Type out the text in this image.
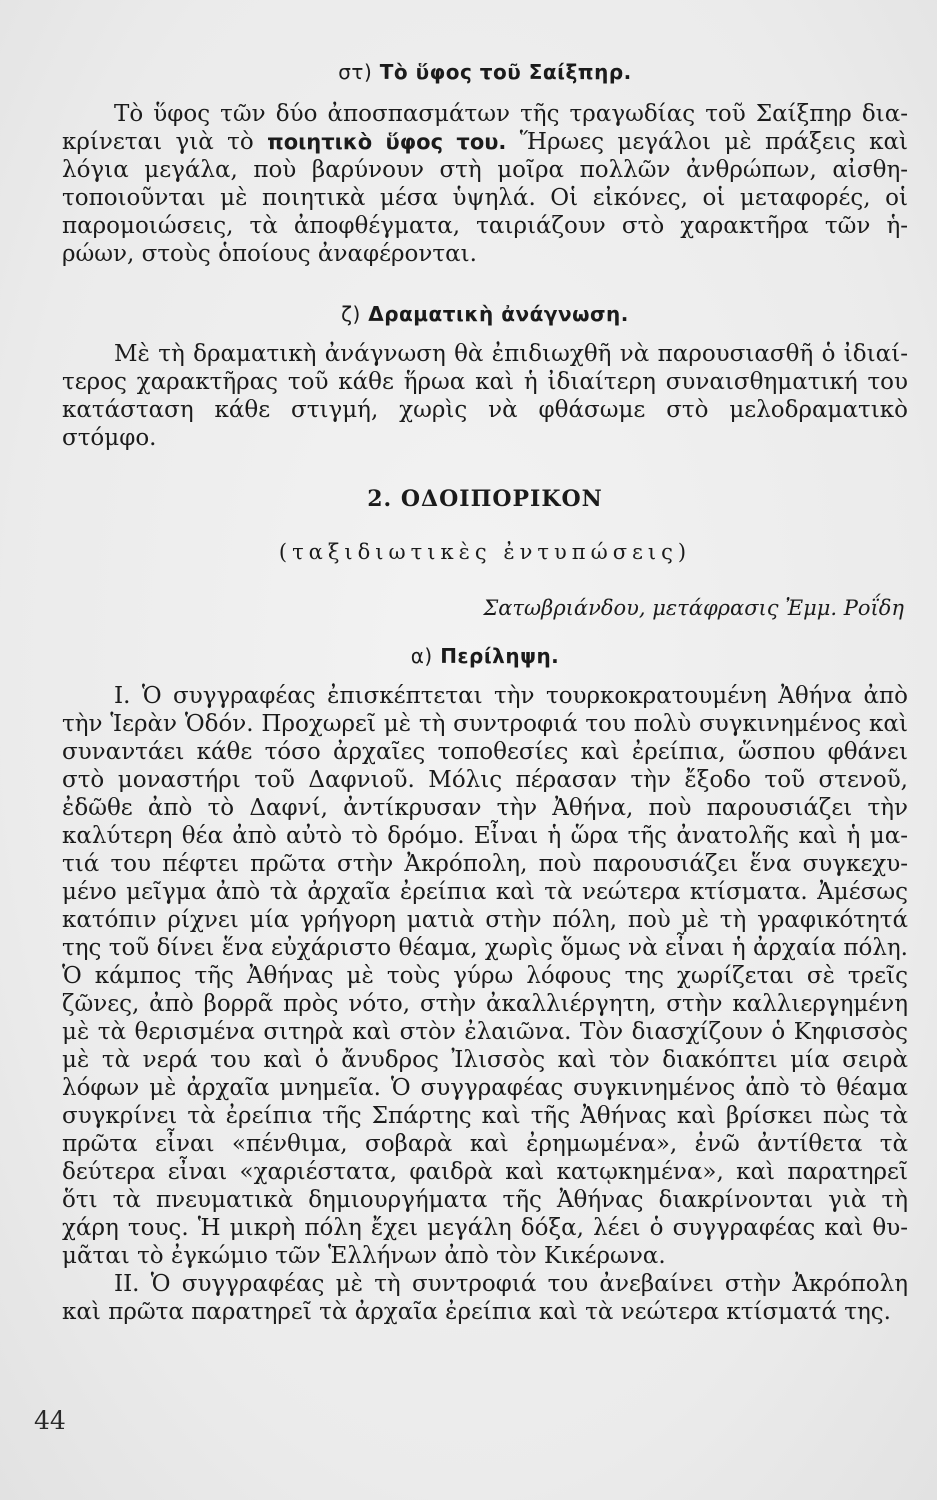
στ) Τὸ ὕφος τοῦ Σαίξπηρ.

Τὸ ὕφος τῶν δύο ἀποσπασμάτων τῆς τραγωδίας τοῦ Σαίξπηρ δια-κρίνεται γιὰ τὸ ποιητικὸ ὕφος του. Ἥρωες μεγάλοι μὲ πράξεις καὶ λόγια μεγάλα, ποὺ βαρύνουν στὴ μοῖρα πολλῶν ἀνθρώπων, αἰσθη-τοποιοῦνται μὲ ποιητικὰ μέσα ὑψηλά. Οἱ εἰκόνες, οἱ μεταφορές, οἱ παρομοιώσεις, τὰ ἀποφθέγματα, ταιριάζουν στὸ χαρακτῆρα τῶν ἡ-ρώων, στοὺς ὁποίους ἀναφέρονται.

ζ) Δραματικὴ ἀνάγνωση.

Μὲ τὴ δραματικὴ ἀνάγνωση θὰ ἐπιδιωχθῆ νὰ παρουσιασθῆ ὁ ἰδιαί-τερος χαρακτῆρας τοῦ κάθε ἥρωα καὶ ἡ ἰδιαίτερη συναισθηματική του κατάσταση κάθε στιγμή, χωρὶς νὰ φθάσωμε στὸ μελοδραματικὸ στόμφο.

2. ΟΔΟΙΠΟΡΙΚΟΝ

(ταξιδιωτικὲς ἐντυπώσεις)

Σατωβριάνδου, μετάφρασις Ἐμμ. Ροΐδη

α) Περίληψη.

Ι. Ὁ συγγραφέας ἐπισκέπτεται τὴν τουρκοκρατουμένη Ἀθήνα ἀπὸ τὴν Ἱερὰν Ὁδόν. Προχωρεῖ μὲ τὴ συντροφιά του πολὺ συγκινημένος καὶ συναντάει κάθε τόσο ἀρχαῖες τοποθεσίες καὶ ἐρείπια, ὥσπου φθάνει στὸ μοναστήρι τοῦ Δαφνιοῦ. Μόλις πέρασαν τὴν ἔξοδο τοῦ στενοῦ, ἐδῶθε ἀπὸ τὸ Δαφνί, ἀντίκρυσαν τὴν Ἀθήνα, ποὺ παρουσιάζει τὴν καλύτερη θέα ἀπὸ αὐτὸ τὸ δρόμο. Εἶναι ἡ ὥρα τῆς ἀνατολῆς καὶ ἡ μα-τιά του πέφτει πρῶτα στὴν Ἀκρόπολη, ποὺ παρουσιάζει ἕνα συγκεχυ-μένο μεῖγμα ἀπὸ τὰ ἀρχαῖα ἐρείπια καὶ τὰ νεώτερα κτίσματα. Ἀμέσως κατόπιν ρίχνει μία γρήγορη ματιὰ στὴν πόλη, ποὺ μὲ τὴ γραφικότητά της τοῦ δίνει ἕνα εὐχάριστο θέαμα, χωρὶς ὅμως νὰ εἶναι ἡ ἀρχαία πόλη. Ὁ κάμπος τῆς Ἀθήνας μὲ τοὺς γύρω λόφους της χωρίζεται σὲ τρεῖς ζῶνες, ἀπὸ βορρᾶ πρὸς νότο, στὴν ἀκαλλιέργητη, στὴν καλλιεργημένη μὲ τὰ θερισμένα σιτηρὰ καὶ στὸν ἐλαιῶνα. Τὸν διασχίζουν ὁ Κηφισσὸς μὲ τὰ νερά του καὶ ὁ ἄνυδρος Ἰλισσὸς καὶ τὸν διακόπτει μία σειρὰ λόφων μὲ ἀρχαῖα μνημεῖα. Ὁ συγγραφέας συγκινημένος ἀπὸ τὸ θέαμα συγκρίνει τὰ ἐρείπια τῆς Σπάρτης καὶ τῆς Ἀθήνας καὶ βρίσκει πὼς τὰ πρῶτα εἶναι «πένθιμα, σοβαρὰ καὶ ἐρημωμένα», ἐνῶ ἀντίθετα τὰ δεύτερα εἶναι «χαριέστατα, φαιδρὰ καὶ κατῳκημένα», καὶ παρατηρεῖ ὅτι τὰ πνευματικὰ δημιουργήματα τῆς Ἀθήνας διακρίνονται γιὰ τὴ χάρη τους. Ἡ μικρὴ πόλη ἔχει μεγάλη δόξα, λέει ὁ συγγραφέας καὶ θυ-μᾶται τὸ ἐγκώμιο τῶν Ἑλλήνων ἀπὸ τὸν Κικέρωνα.

ΙΙ. Ὁ συγγραφέας μὲ τὴ συντροφιά του ἀνεβαίνει στὴν Ἀκρόπολη καὶ πρῶτα παρατηρεῖ τὰ ἀρχαῖα ἐρείπια καὶ τὰ νεώτερα κτίσματά της.

44
